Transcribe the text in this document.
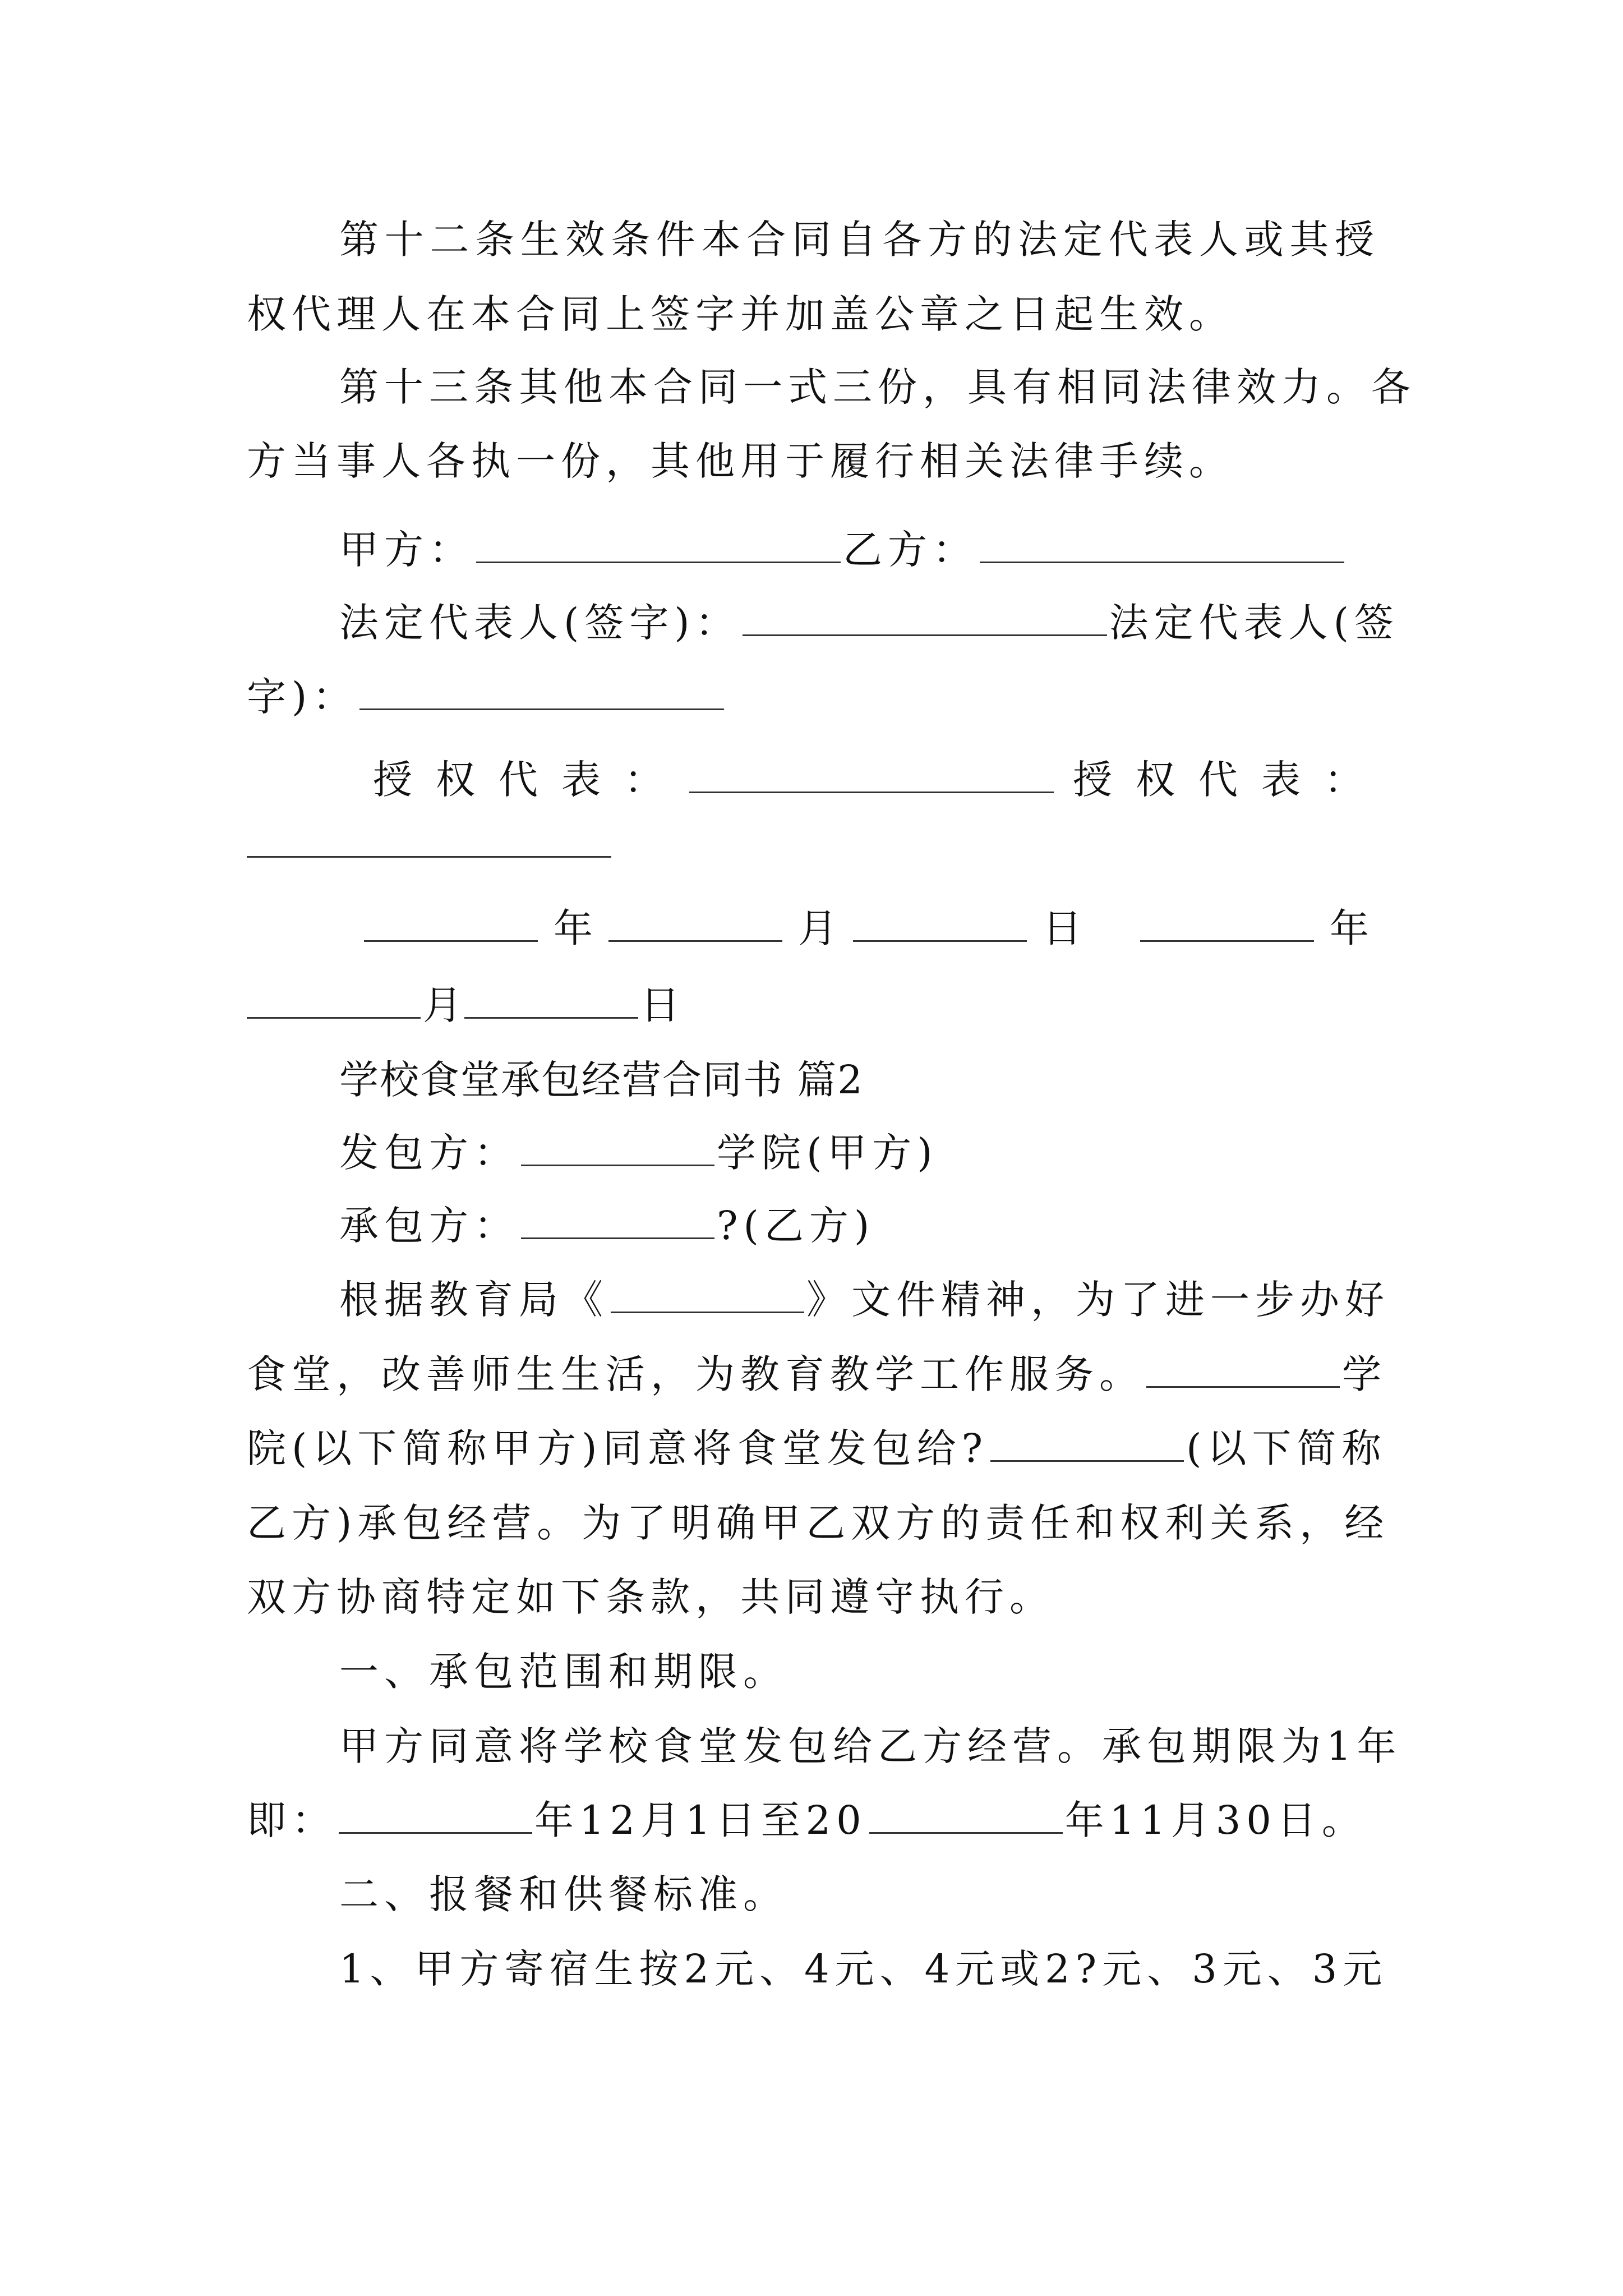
第十二条生效条件本合同自各方的法定代表人或其授
权代理人在本合同上签字并加盖公章之日起生效。
第十三条其他本合同一式三份，具有相同法律效力。各
方当事人各执一份，其他用于履行相关法律手续。
甲方：	乙方：
法定代表人(签字)：	法定代表人(签
字)：
授权代表：	授权代表：
年	月	日	年
月	日
学校食堂承包经营合同书 篇2
发包方：	学院(甲方)
承包方：	?(乙方)
根据教育局《	》文件精神，为了进一步办好
食堂，改善师生生活，为教育教学工作服务。	学
院(以下简称甲方)同意将食堂发包给?	(以下简称
乙方)承包经营。为了明确甲乙双方的责任和权利关系，经
双方协商特定如下条款，共同遵守执行。
一、承包范围和期限。
甲方同意将学校食堂发包给乙方经营。承包期限为1年
即：	年12月1日至20	年11月30日。
二、报餐和供餐标准。
1、甲方寄宿生按2元、4元、4元或2?元、3元、3元
